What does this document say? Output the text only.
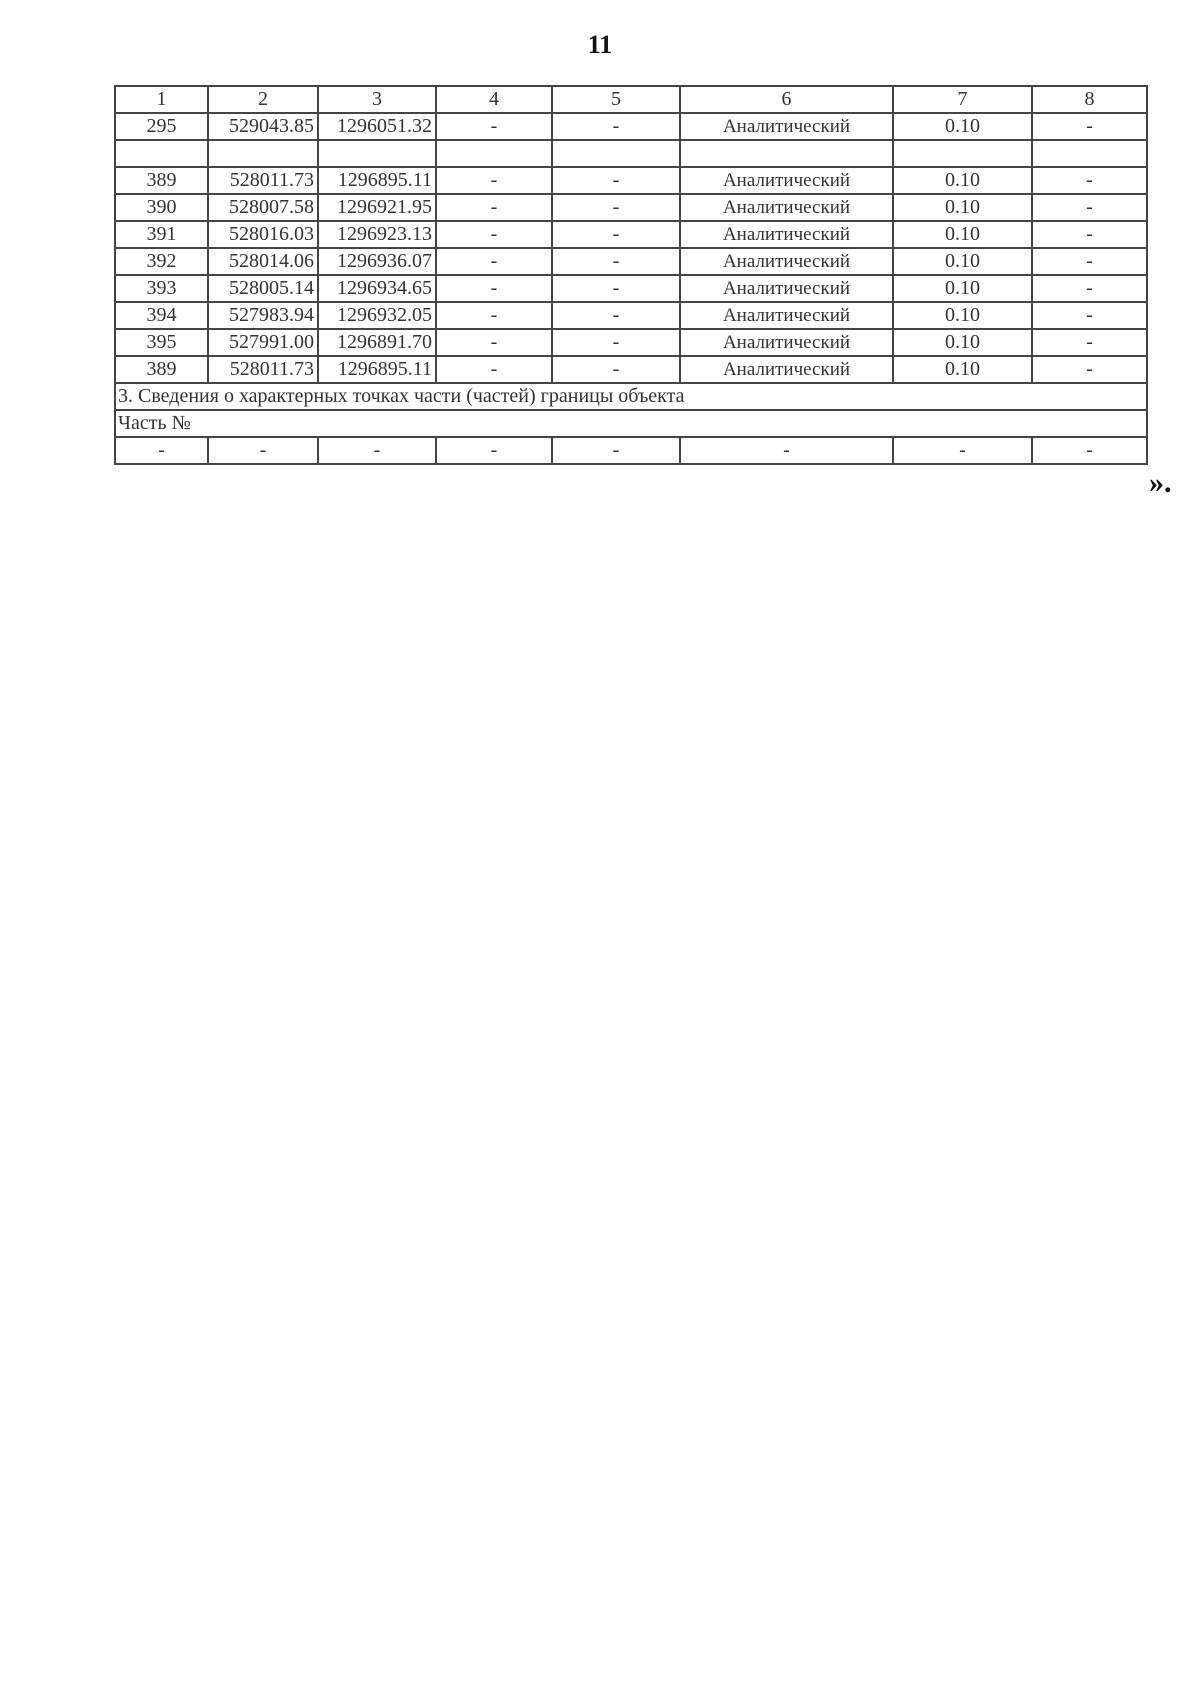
11
1	2	3	4	5	6	7	8
295	529043.85	1296051.32	-	-	Аналитический	0.10	-

389	528011.73	1296895.11	-	-	Аналитический	0.10	-
390	528007.58	1296921.95	-	-	Аналитический	0.10	-
391	528016.03	1296923.13	-	-	Аналитический	0.10	-
392	528014.06	1296936.07	-	-	Аналитический	0.10	-
393	528005.14	1296934.65	-	-	Аналитический	0.10	-
394	527983.94	1296932.05	-	-	Аналитический	0.10	-
395	527991.00	1296891.70	-	-	Аналитический	0.10	-
389	528011.73	1296895.11	-	-	Аналитический	0.10	-
3. Сведения о характерных точках части (частей) границы объекта							
Часть №							
-	-	-	-	-	-	-	-
».
